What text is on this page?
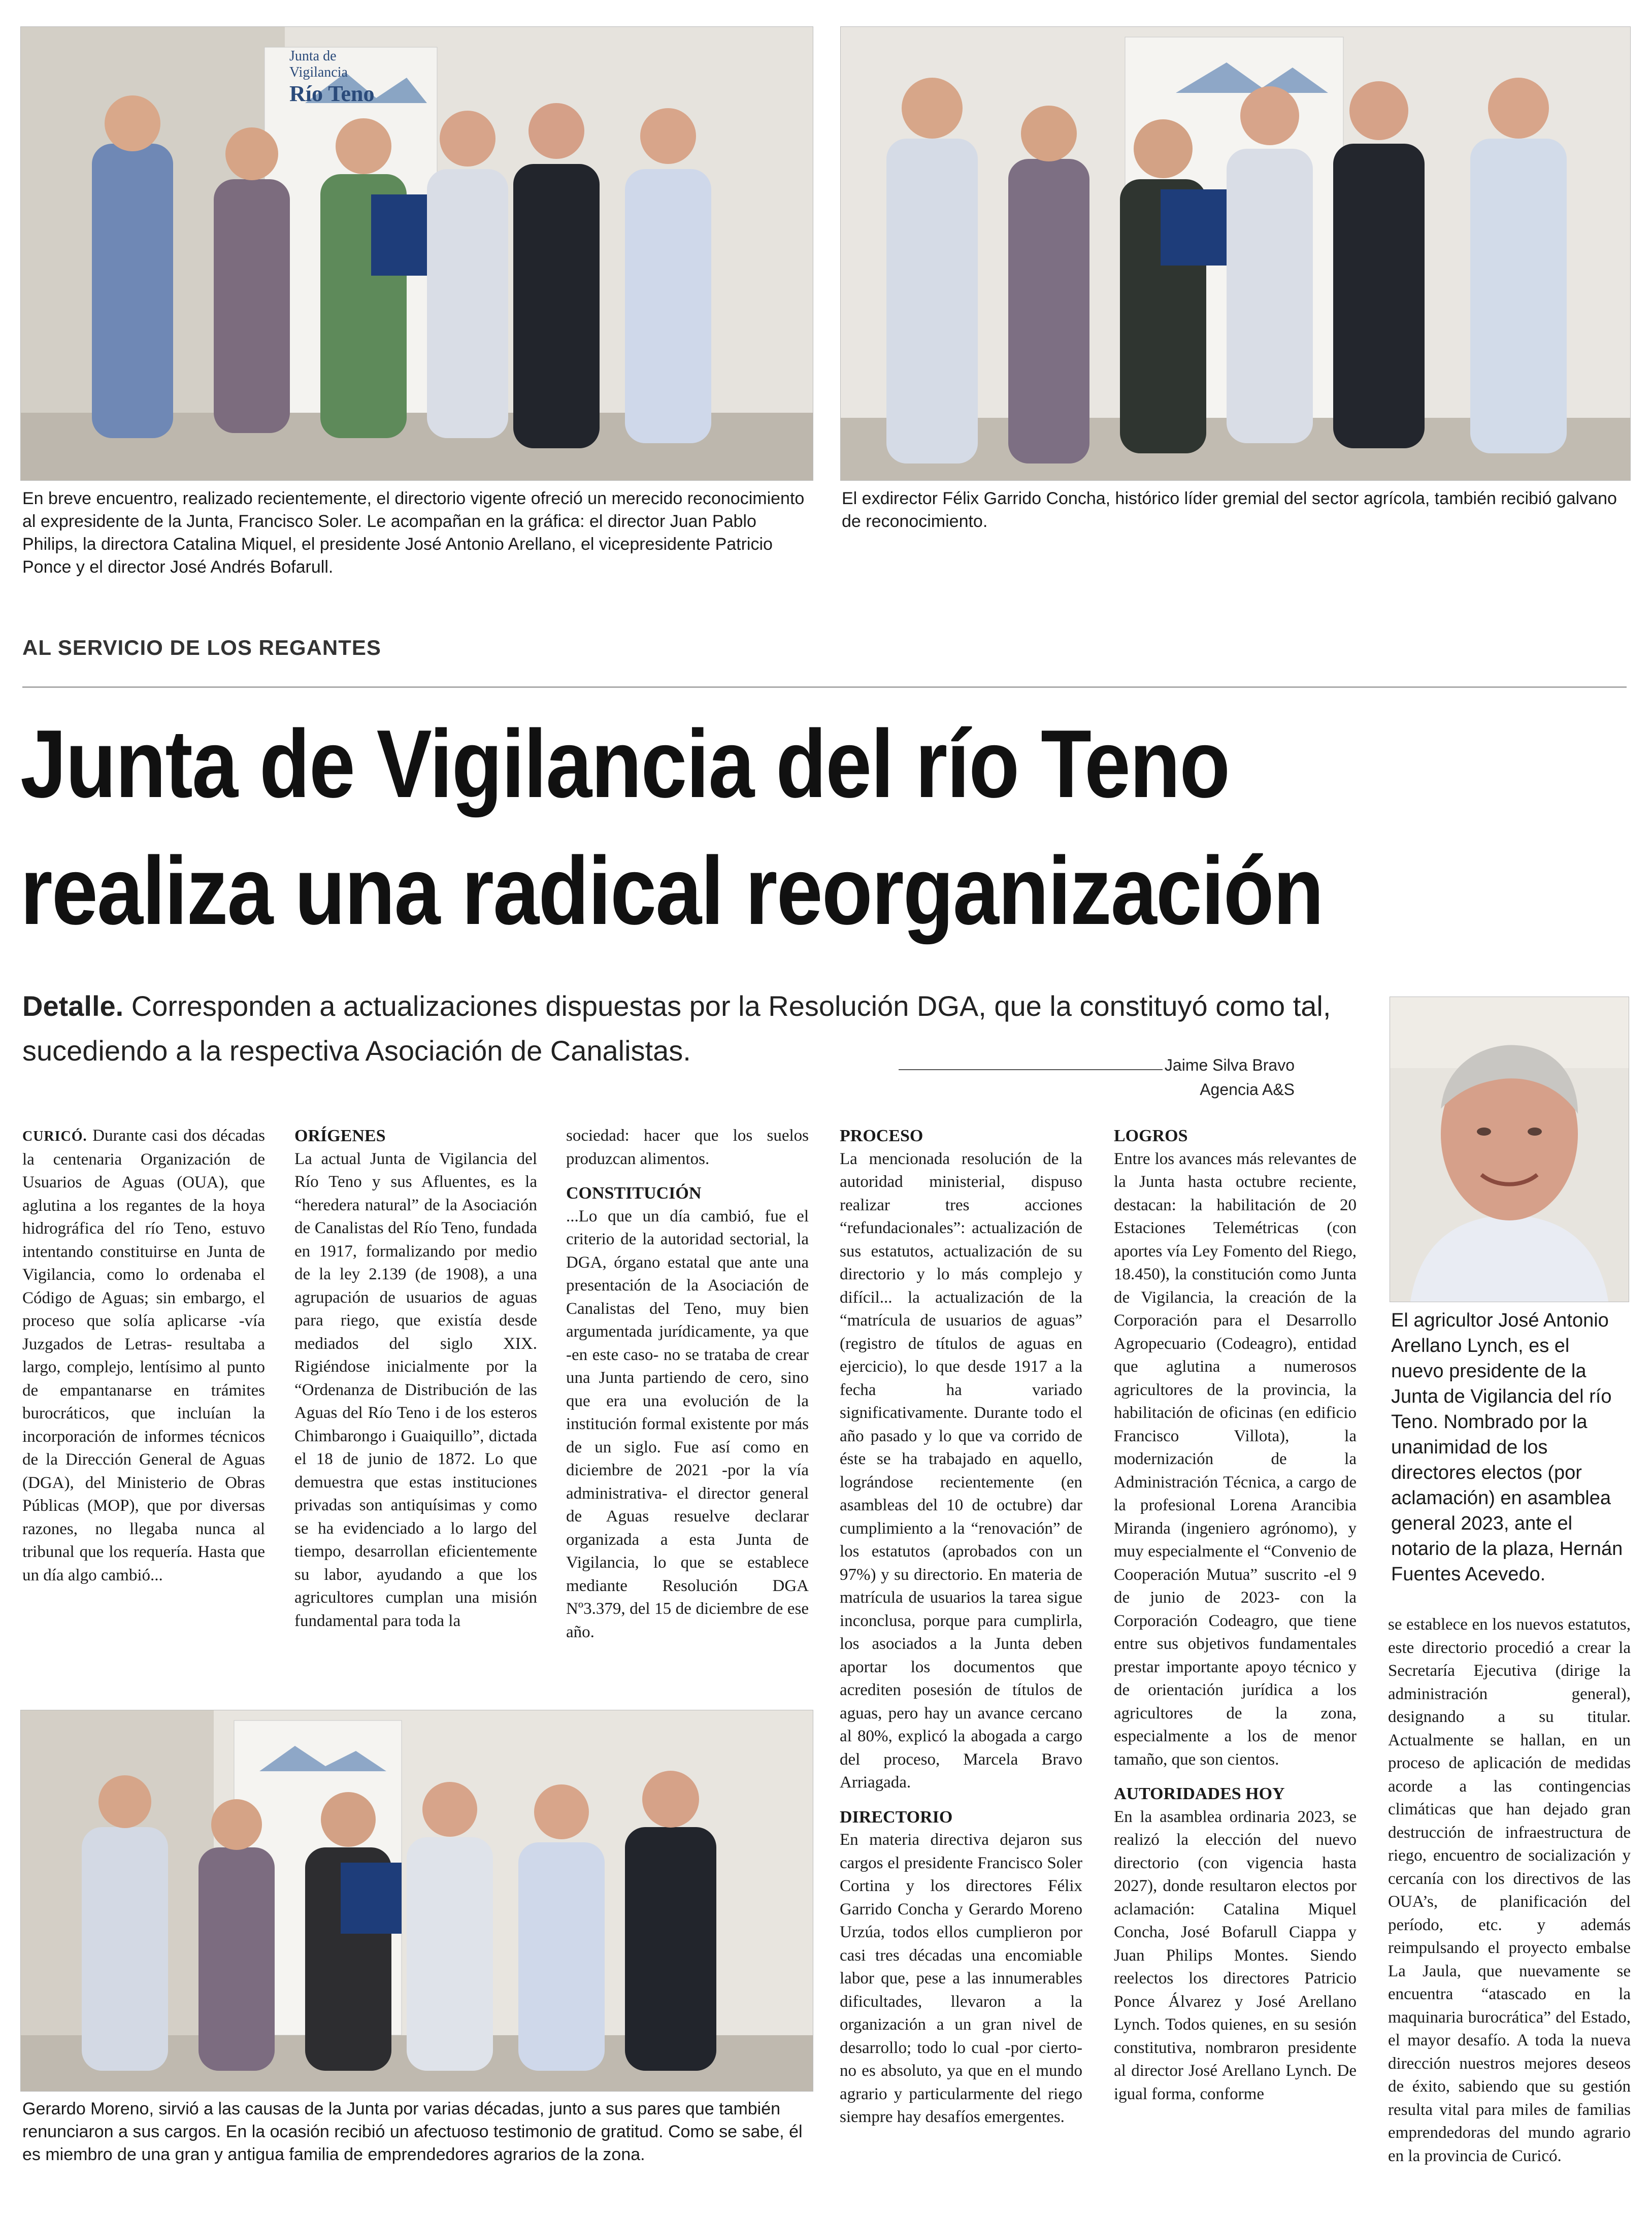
Junta de Vigilancia
Río Teno
En breve encuentro, realizado recientemente, el directorio vigente ofreció un merecido reconocimiento al expresidente de la Junta, Francisco Soler. Le acompañan en la gráfica: el director Juan Pablo Philips, la directora Catalina Miquel, el presidente José Antonio Arellano, el vicepresidente Patricio Ponce y el director José Andrés Bofarull.
El exdirector Félix Garrido Concha, histórico líder gremial del sector agrícola, también recibió galvano de reconocimiento.
AL SERVICIO DE LOS REGANTES
Junta de Vigilancia del río Teno
realiza una radical reorganización
Detalle. Corresponden a actualizaciones dispuestas por la Resolución DGA, que la constituyó como tal, sucediendo a la respectiva Asociación de Canalistas.	Jaime Silva Bravo
Agencia A&S
El agricultor José Antonio Arellano Lynch, es el nuevo presidente de la Junta de Vigilancia del río Teno. Nombrado por la unanimidad de los directores electos (por aclamación) en asamblea general 2023, ante el notario de la plaza, Hernán Fuentes Acevedo.

CURICÓ. Durante casi dos décadas la centenaria Organización de Usuarios de Aguas (OUA), que aglutina a los regantes de la hoya hidrográfica del río Teno, estuvo intentando constituirse en Junta de Vigilancia, como lo ordenaba el Código de Aguas; sin embargo, el proceso que solía aplicarse -vía Juzgados de Letras- resultaba a largo, complejo, lentísimo al punto de empantanarse en trámites burocráticos, que incluían la incorporación de informes técnicos de la Dirección General de Aguas (DGA), del Ministerio de Obras Públicas (MOP), que por diversas razones, no llegaba nunca al tribunal que los requería. Hasta que un día algo cambió...

ORÍGENES

La actual Junta de Vigilancia del Río Teno y sus Afluentes, es la “heredera natural” de la Asociación de Canalistas del Río Teno, fundada en 1917, formalizando por medio de la ley 2.139 (de 1908), a una agrupación de usuarios de aguas para riego, que existía desde mediados del siglo XIX. Rigiéndose inicialmente por la “Ordenanza de Distribución de las Aguas del Río Teno i de los esteros Chimbarongo i Guaiquillo”, dictada el 18 de junio de 1872. Lo que demuestra que estas instituciones privadas son antiquísimas y como se ha evidenciado a lo largo del tiempo, desarrollan eficientemente su labor, ayudando a que los agricultores cumplan una misión fundamental para toda la

sociedad: hacer que los suelos produzcan alimentos.

CONSTITUCIÓN

...Lo que un día cambió, fue el criterio de la autoridad sectorial, la DGA, órgano estatal que ante una presentación de la Asociación de Canalistas del Teno, muy bien argumentada jurídicamente, ya que -en este caso- no se trataba de crear una Junta partiendo de cero, sino que era una evolución de la institución formal existente por más de un siglo. Fue así como en diciembre de 2021 -por la vía administrativa- el director general de Aguas resuelve declarar organizada a esta Junta de Vigilancia, lo que se establece mediante Resolución DGA Nº3.379, del 15 de diciembre de ese año.

PROCESO

La mencionada resolución de la autoridad ministerial, dispuso realizar tres acciones “refundacionales”: actualización de sus estatutos, actualización de su directorio y lo más complejo y difícil... la actualización de la “matrícula de usuarios de aguas” (registro de títulos de aguas en ejercicio), lo que desde 1917 a la fecha ha variado significativamente. Durante todo el año pasado y lo que va corrido de éste se ha trabajado en aquello, lográndose recientemente (en asambleas del 10 de octubre) dar cumplimiento a la “renovación” de los estatutos (aprobados con un 97%) y su directorio. En materia de matrícula de usuarios la tarea sigue inconclusa, porque para cumplirla, los asociados a la Junta deben aportar los documentos que acrediten posesión de títulos de aguas, pero hay un avance cercano al 80%, explicó la abogada a cargo del proceso, Marcela Bravo Arriagada.

DIRECTORIO

En materia directiva dejaron sus cargos el presidente Francisco Soler Cortina y los directores Félix Garrido Concha y Gerardo Moreno Urzúa, todos ellos cumplieron por casi tres décadas una encomiable labor que, pese a las innumerables dificultades, llevaron a la organización a un gran nivel de desarrollo; todo lo cual -por cierto- no es absoluto, ya que en el mundo agrario y particularmente del riego siempre hay desafíos emergentes.

LOGROS

Entre los avances más relevantes de la Junta hasta octubre reciente, destacan: la habilitación de 20 Estaciones Telemétricas (con aportes vía Ley Fomento del Riego, 18.450), la constitución como Junta de Vigilancia, la creación de la Corporación para el Desarrollo Agropecuario (Codeagro), entidad que aglutina a numerosos agricultores de la provincia, la habilitación de oficinas (en edificio Francisco Villota), la modernización de la Administración Técnica, a cargo de la profesional Lorena Arancibia Miranda (ingeniero agrónomo), y muy especialmente el “Convenio de Cooperación Mutua” suscrito -el 9 de junio de 2023- con la Corporación Codeagro, que tiene entre sus objetivos fundamentales prestar importante apoyo técnico y de orientación jurídica a los agricultores de la zona, especialmente a los de menor tamaño, que son cientos.

AUTORIDADES HOY

En la asamblea ordinaria 2023, se realizó la elección del nuevo directorio (con vigencia hasta 2027), donde resultaron electos por aclamación: Catalina Miquel Concha, José Bofarull Ciappa y Juan Philips Montes. Siendo reelectos los directores Patricio Ponce Álvarez y José Arellano Lynch. Todos quienes, en su sesión constitutiva, nombraron presidente al director José Arellano Lynch. De igual forma, conforme

se establece en los nuevos estatutos, este directorio procedió a crear la Secretaría Ejecutiva (dirige la administración general), designando a su titular. Actualmente se hallan, en un proceso de aplicación de medidas acorde a las contingencias climáticas que han dejado gran destrucción de infraestructura de riego, encuentro de socialización y cercanía con los directivos de las OUA’s, de planificación del período, etc. y además reimpulsando el proyecto embalse La Jaula, que nuevamente se encuentra “atascado en la maquinaria burocrática” del Estado, el mayor desafío. A toda la nueva dirección nuestros mejores deseos de éxito, sabiendo que su gestión resulta vital para miles de familias emprendedoras del mundo agrario en la provincia de Curicó.

Gerardo Moreno, sirvió a las causas de la Junta por varias décadas, junto a sus pares que también renunciaron a sus cargos. En la ocasión recibió un afectuoso testimonio de gratitud. Como se sabe, él es miembro de una gran y antigua familia de emprendedores agrarios de la zona.
